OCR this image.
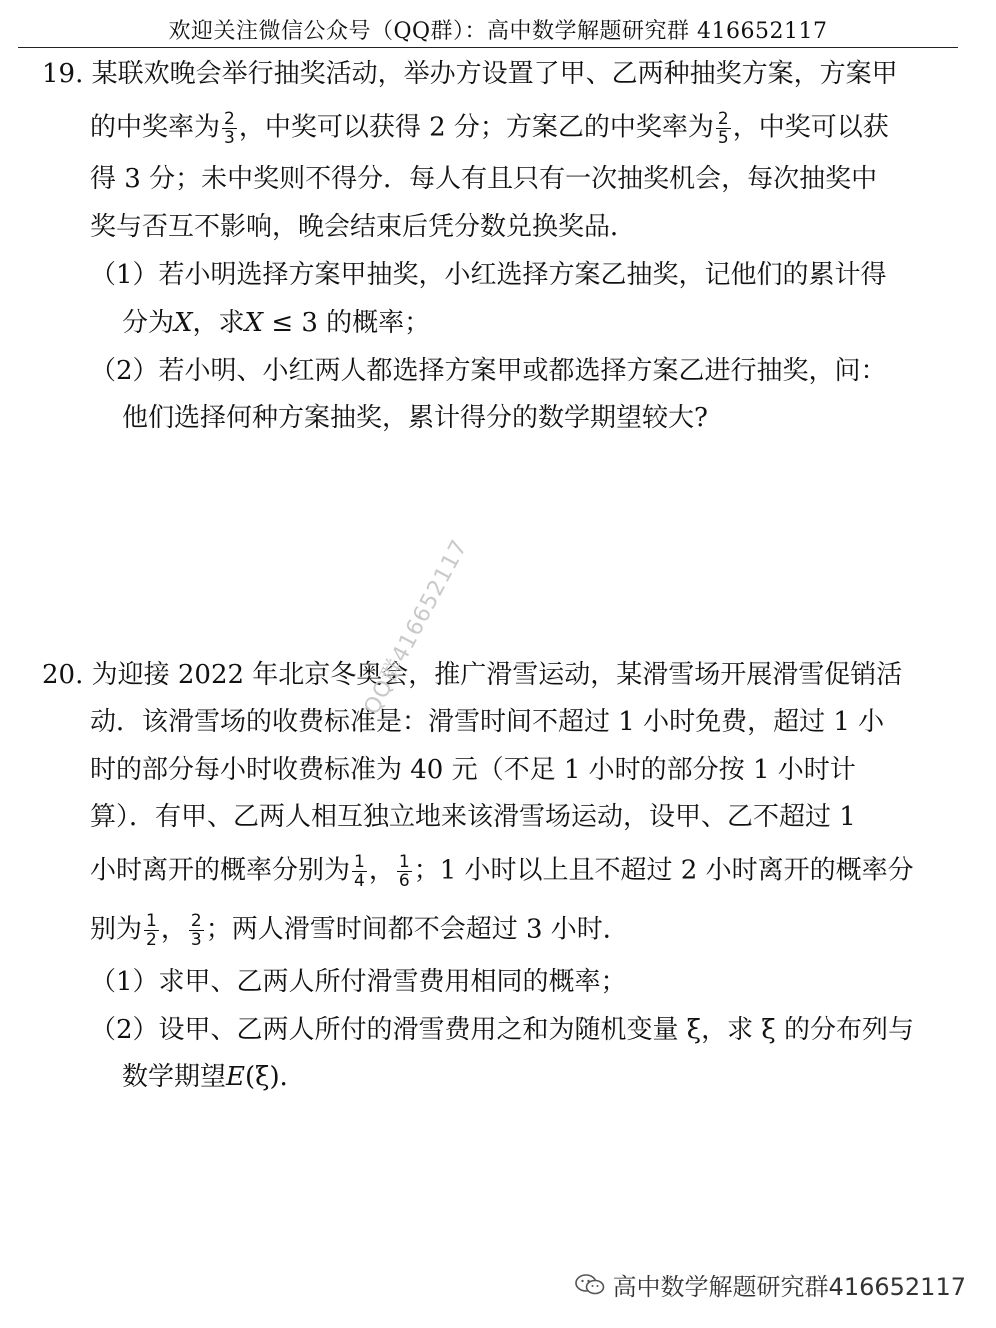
欢迎关注微信公众号（QQ群）：高中数学解题研究群 416652117
19. 某联欢晚会举行抽奖活动，举办方设置了甲、乙两种抽奖方案，方案甲
的中奖率为 $\frac{2}{3}$ ，中奖可以获得 2 分；方案乙的中奖率为 $\frac{2}{5}$ ，中奖可以获
得 3 分；未中奖则不得分．每人有且只有一次抽奖机会，每次抽奖中
奖与否互不影响，晚会结束后凭分数兑换奖品．
（1）若小明选择方案甲抽奖，小红选择方案乙抽奖，记他们的累计得
分为X，求X ≤ 3 的概率；
（2）若小明、小红两人都选择方案甲或都选择方案乙进行抽奖，问：
他们选择何种方案抽奖，累计得分的数学期望较大?
20. 为迎接 2022 年北京冬奥会，推广滑雪运动，某滑雪场开展滑雪促销活
动．该滑雪场的收费标准是：滑雪时间不超过 1 小时免费，超过 1 小
时的部分每小时收费标准为 40 元（不足 1 小时的部分按 1 小时计
算）．有甲、乙两人相互独立地来该滑雪场运动，设甲、乙不超过 1
小时离开的概率分别为 $\frac{1}{4}$ ， $\frac{1}{6}$ ；1 小时以上且不超过 2 小时离开的概率分
别为 $\frac{1}{2}$ ， $\frac{2}{3}$ ；两人滑雪时间都不会超过 3 小时．
（1）求甲、乙两人所付滑雪费用相同的概率；
（2）设甲、乙两人所付的滑雪费用之和为随机变量 ξ，求 ξ 的分布列与
数学期望E(ξ)．
QQ群416652117
高中数学解题研究群416652117
